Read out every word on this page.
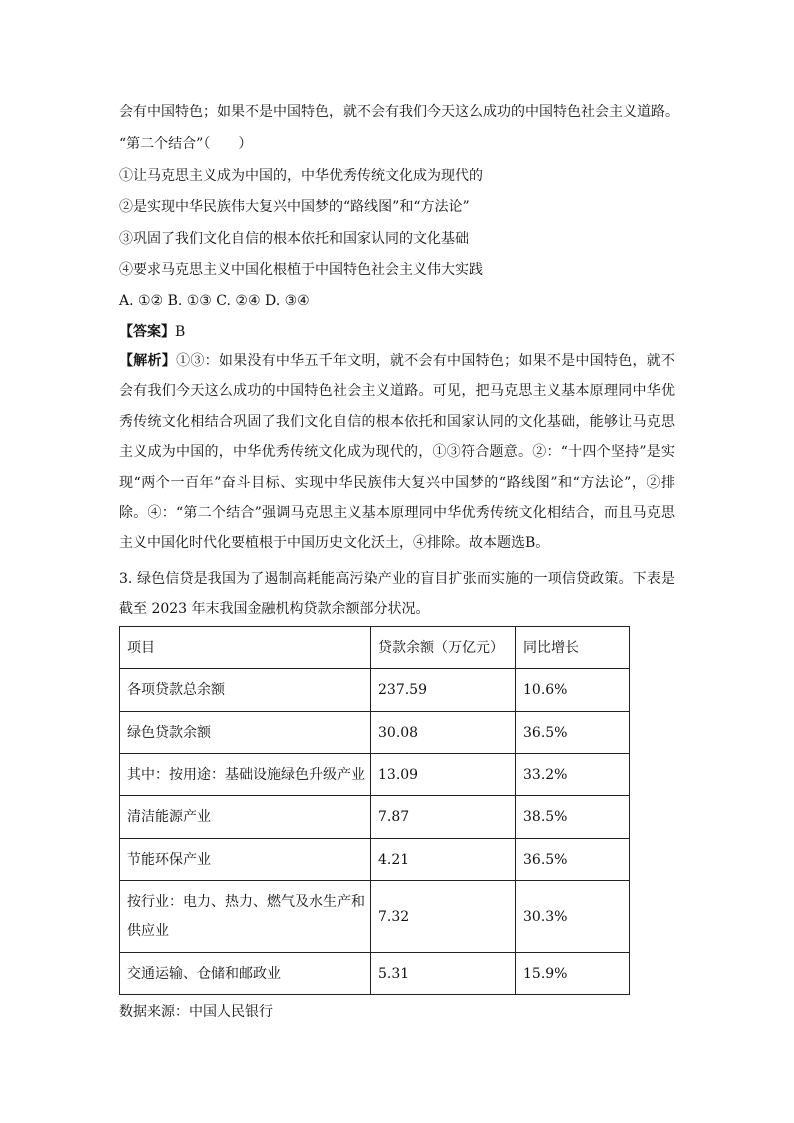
会有中国特色；如果不是中国特色，就不会有我们今天这么成功的中国特色社会主义道路。
“第二个结合”（　　）
①让马克思主义成为中国的，中华优秀传统文化成为现代的
②是实现中华民族伟大复兴中国梦的“路线图”和“方法论”
③巩固了我们文化自信的根本依托和国家认同的文化基础
④要求马克思主义中国化根植于中国特色社会主义伟大实践
A. ①② B. ①③ C. ②④ D. ③④
【答案】B
【解析】①③：如果没有中华五千年文明，就不会有中国特色；如果不是中国特色，就不会有我们今天这么成功的中国特色社会主义道路。可见，把马克思主义基本原理同中华优秀传统文化相结合巩固了我们文化自信的根本依托和国家认同的文化基础，能够让马克思主义成为中国的，中华优秀传统文化成为现代的，①③符合题意。②：“十四个坚持”是实现“两个一百年”奋斗目标、实现中华民族伟大复兴中国梦的“路线图”和“方法论”，②排除。④：“第二个结合”强调马克思主义基本原理同中华优秀传统文化相结合，而且马克思主义中国化时代化要植根于中国历史文化沃土，④排除。故本题选B。
3. 绿色信贷是我国为了遏制高耗能高污染产业的盲目扩张而实施的一项信贷政策。下表是截至 2023 年末我国金融机构贷款余额部分状况。
项目	贷款余额（万亿元）	同比增长
各项贷款总余额	237.59	10.6%
绿色贷款余额	30.08	36.5%
其中：按用途：基础设施绿色升级产业	13.09	33.2%
清洁能源产业	7.87	38.5%
节能环保产业	4.21	36.5%
按行业：电力、热力、燃气及水生产和供应业	7.32	30.3%
交通运输、仓储和邮政业	5.31	15.9%
数据来源：中国人民银行
